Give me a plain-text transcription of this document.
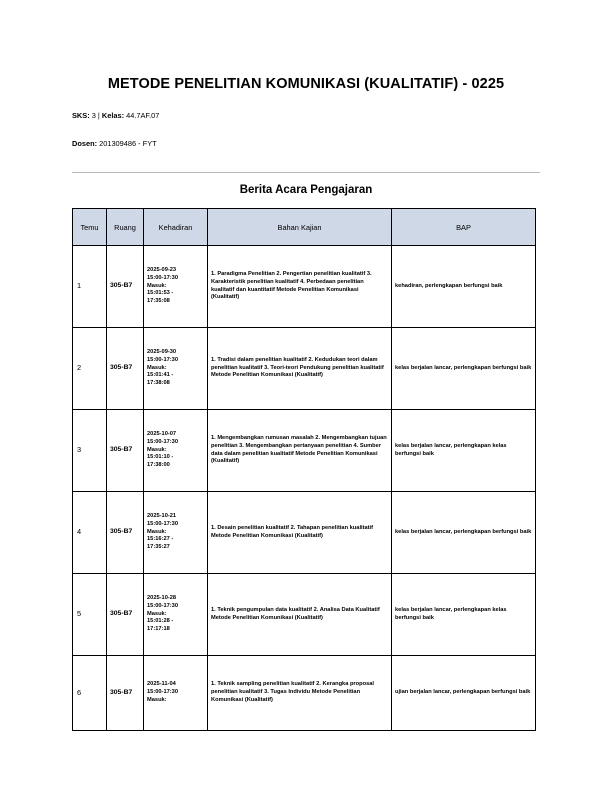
METODE PENELITIAN KOMUNIKASI (KUALITATIF) - 0225
SKS: 3 | Kelas: 44.7AF.07
Dosen: 201309486 - FYT
Berita Acara Pengajaran
Temu	Ruang	Kehadiran	Bahan Kajian	BAP
1	305-B7	2025-09-23
15:00-17:30
Masuk:
15:01:53 -
17:35:08	1. Paradigma Penelitian 2. Pengertian penelitian kualitatif 3. Karakteristik penelitian kualitatif 4. Perbedaan penelitian kualitatif dan kuantitatif Metode Penelitian Komunikasi (Kualitatif)	kehadiran, perlengkapan berfungsi baik
2	305-B7	2025-09-30
15:00-17:30
Masuk:
15:01:41 -
17:38:08	1. Tradisi dalam penelitian kualitatif 2. Kedudukan teori dalam penelitian kualitatif 3. Teori-teori Pendukung penelitian kualitatif Metode Penelitian Komunikasi (Kualitatif)	kelas berjalan lancar, perlengkapan berfungsi baik
3	305-B7	2025-10-07
15:00-17:30
Masuk:
15:01:10 -
17:38:00	1. Mengembangkan rumusan masalah 2. Mengembangkan tujuan penelitian 3. Mengembangkan pertanyaan penelitian 4. Sumber data dalam penelitian kualitatif Metode Penelitian Komunikasi (Kualitatif)	kelas berjalan lancar, perlengkapan kelas berfungsi baik
4	305-B7	2025-10-21
15:00-17:30
Masuk:
15:16:27 -
17:35:27	1. Desain penelitian kualitatif 2. Tahapan penelitian kualitatif Metode Penelitian Komunikasi (Kualitatif)	kelas berjalan lancar, perlengkapan berfungsi baik
5	305-B7	2025-10-28
15:00-17:30
Masuk:
15:01:28 -
17:17:18	1. Teknik pengumpulan data kualitatif 2. Analisa Data Kualitatif Metode Penelitian Komunikasi (Kualitatif)	kelas berjalan lancar, perlengkapan kelas berfungsi baik
6	305-B7	2025-11-04
15:00-17:30
Masuk:	1. Teknik sampling penelitian kualitatif 2. Kerangka proposal penelitian kualitatif 3. Tugas Individu Metode Penelitian Komunikasi (Kualitatif)	ujian berjalan lancar, perlengkapan berfungsi baik
